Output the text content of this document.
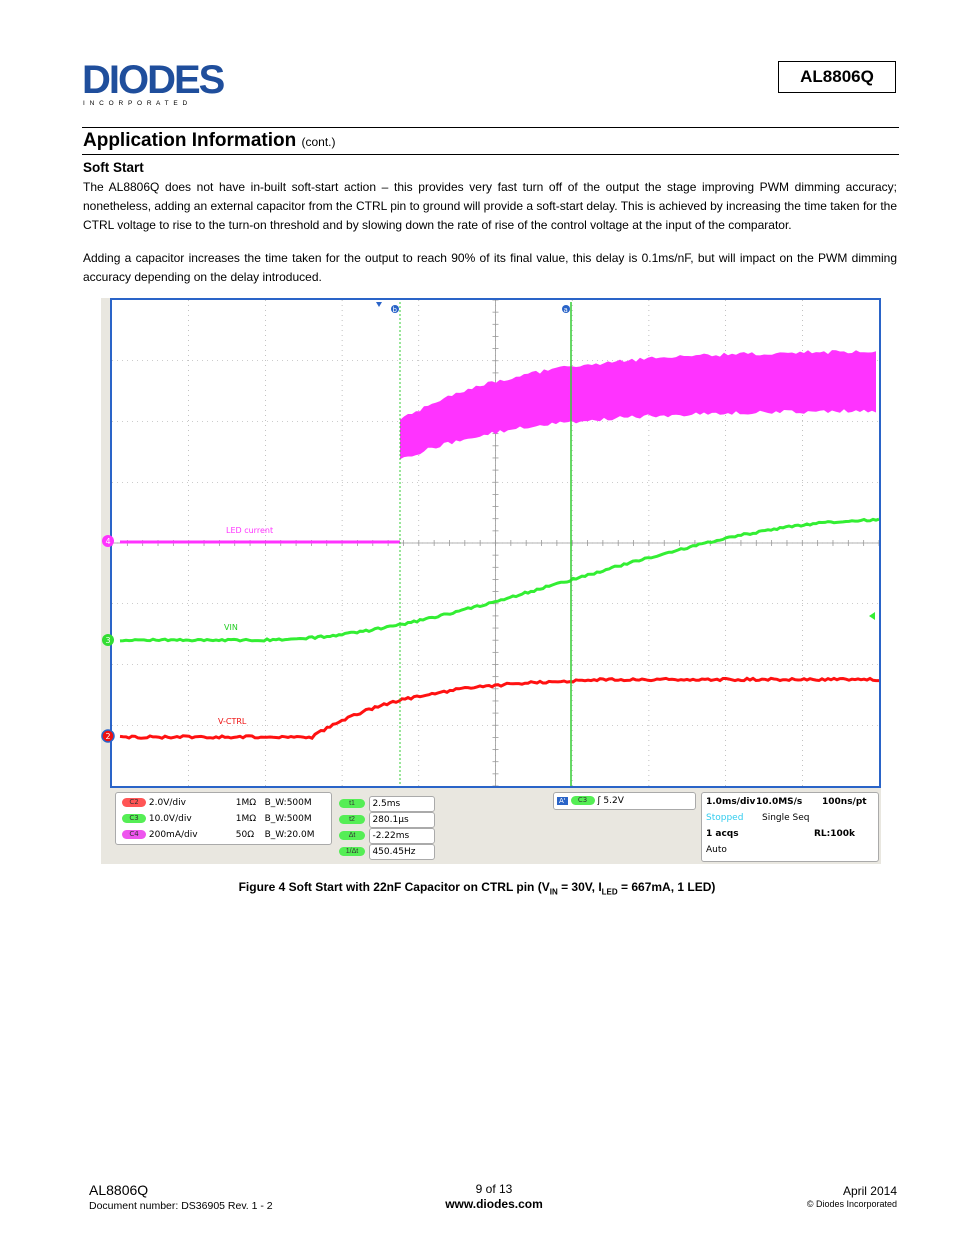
DIODES
I N C O R P O R A T E D
AL8806Q
Application Information (cont.)
Soft Start
The AL8806Q does not have in-built soft-start action – this provides very fast turn off of the output the stage improving PWM dimming accuracy; nonetheless, adding an external capacitor from the CTRL pin to ground will provide a soft-start delay. This is achieved by increasing the time taken for the CTRL voltage to rise to the turn-on threshold and by slowing down the rate of rise of the control voltage at the input of the comparator.
Adding a capacitor increases the time taken for the output to reach 90% of its final value, this delay is 0.1ms/nF, but will impact on the PWM dimming accuracy depending on the delay introduced.
LED current
VIN
V-CTRL
b	a
4
3
2
C2 2.0V/div	1MΩ B_W:500M
C3 10.0V/div	1MΩ B_W:500M
C4 200mA/div	50Ω B_W:20.0M
t1 2.5ms
t2 280.1µs
Δt -2.22ms
1/Δt 450.45Hz
A' C3 ʃ 5.2V	1.0ms/div 10.0MS/s 100ns/pt
Stopped Single Seq
1 acqs	RL:100k
Auto
Figure 4 Soft Start with 22nF Capacitor on CTRL pin ($V_{IN} = 30V$, $I_{LED} = 667mA$, 1 LED)
AL8806Q
Document number: DS36905 Rev. 1 - 2
9 of 13
www.diodes.com
April 2014
© Diodes Incorporated
